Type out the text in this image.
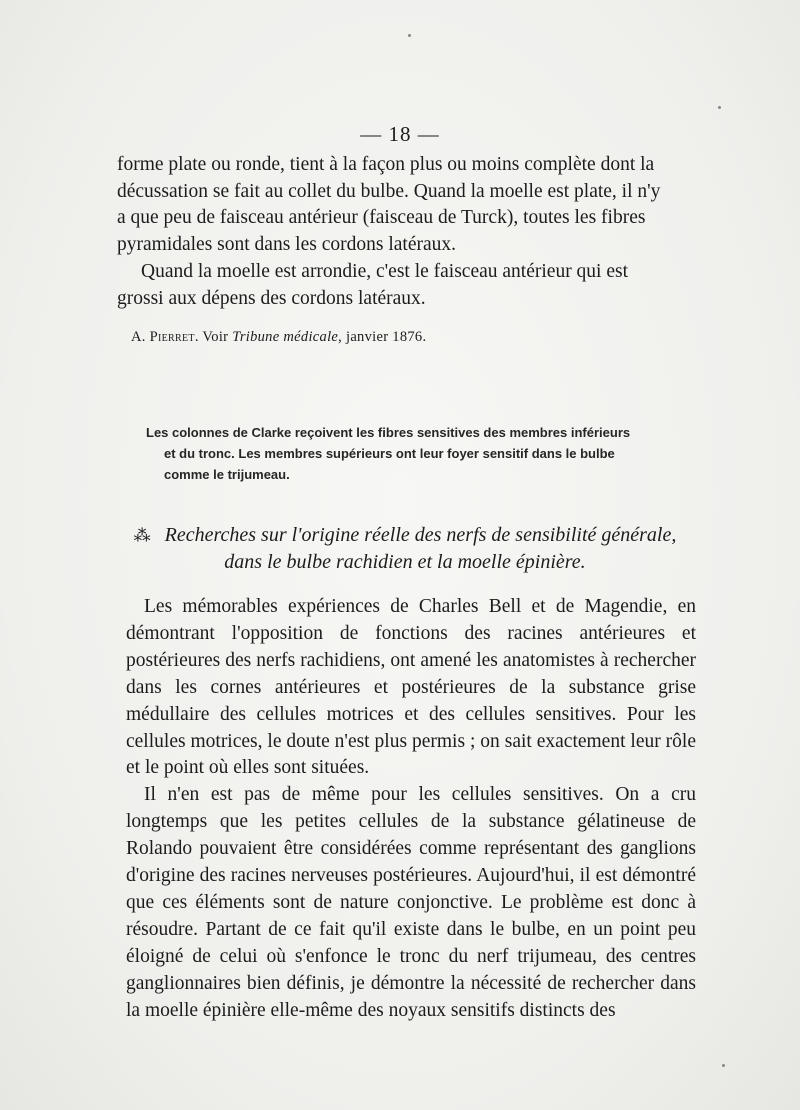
— 18 —
forme plate ou ronde, tient à la façon plus ou moins complète dont la
décussation se fait au collet du bulbe. Quand la moelle est plate, il n'y
a que peu de faisceau antérieur (faisceau de Turck), toutes les fibres
pyramidales sont dans les cordons latéraux.
Quand la moelle est arrondie, c'est le faisceau antérieur qui est
grossi aux dépens des cordons latéraux.
A. Pierret. Voir Tribune médicale, janvier 1876.
Les colonnes de Clarke reçoivent les fibres sensitives des membres inférieurs
et du tronc. Les membres supérieurs ont leur foyer sensitif dans le bulbe
comme le trijumeau.
⁂ Recherches sur l'origine réelle des nerfs de sensibilité générale,
dans le bulbe rachidien et la moelle épinière.

Les mémorables expériences de Charles Bell et de Magendie, en démontrant l'opposition de fonctions des racines antérieures et postérieures des nerfs rachidiens, ont amené les anatomistes à rechercher dans les cornes antérieures et postérieures de la substance grise médullaire des cellules motrices et des cellules sensitives. Pour les cellules motrices, le doute n'est plus permis ; on sait exactement leur rôle et le point où elles sont situées.

Il n'en est pas de même pour les cellules sensitives. On a cru longtemps que les petites cellules de la substance gélatineuse de Rolando pouvaient être considérées comme représentant des ganglions d'origine des racines nerveuses postérieures. Aujourd'hui, il est démontré que ces éléments sont de nature conjonctive. Le problème est donc à résoudre. Partant de ce fait qu'il existe dans le bulbe, en un point peu éloigné de celui où s'enfonce le tronc du nerf trijumeau, des centres ganglionnaires bien définis, je démontre la nécessité de rechercher dans la moelle épinière elle-même des noyaux sensitifs distincts des
